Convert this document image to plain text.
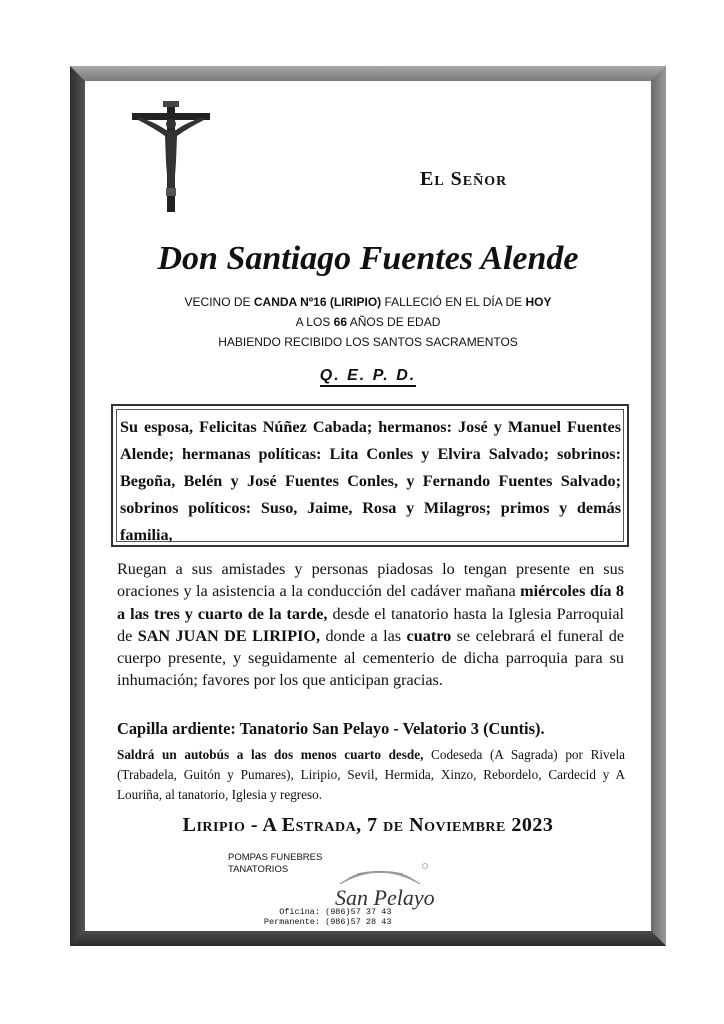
El Señor
Don Santiago Fuentes Alende
VECINO DE CANDA Nº16 (LIRIPIO) FALLECIÓ EN EL DÍA DE HOY
A LOS 66 AÑOS DE EDAD
HABIENDO RECIBIDO LOS SANTOS SACRAMENTOS
Q. E. P. D.
Su esposa, Felicitas Núñez Cabada; hermanos: José y Manuel Fuentes Alende; hermanas políticas: Lita Conles y Elvira Salvado; sobrinos: Begoña, Belén y José Fuentes Conles, y Fernando Fuentes Salvado; sobrinos políticos: Suso, Jaime, Rosa y Milagros; primos y demás familia,
Ruegan a sus amistades y personas piadosas lo tengan presente en sus oraciones y la asistencia a la conducción del cadáver mañana miércoles día 8 a las tres y cuarto de la tarde, desde el tanatorio hasta la Iglesia Parroquial de SAN JUAN DE LIRIPIO, donde a las cuatro se celebrará el funeral de cuerpo presente, y seguidamente al cementerio de dicha parroquia para su inhumación; favores por los que anticipan gracias.
Capilla ardiente: Tanatorio San Pelayo - Velatorio 3 (Cuntis).
Saldrá un autobús a las dos menos cuarto desde, Codeseda (A Sagrada) por Rivela (Trabadela, Guitón y Pumares), Liripio, Sevil, Hermida, Xinzo, Rebordelo, Cardecid y A Louriña, al tanatorio, Iglesia y regreso.
Liripio - A Estrada, 7 de Noviembre 2023
POMPAS FUNEBRES
TANATORIOS
San Pelayo
Oficina: (986)57 37 43
Permanente: (986)57 28 43
